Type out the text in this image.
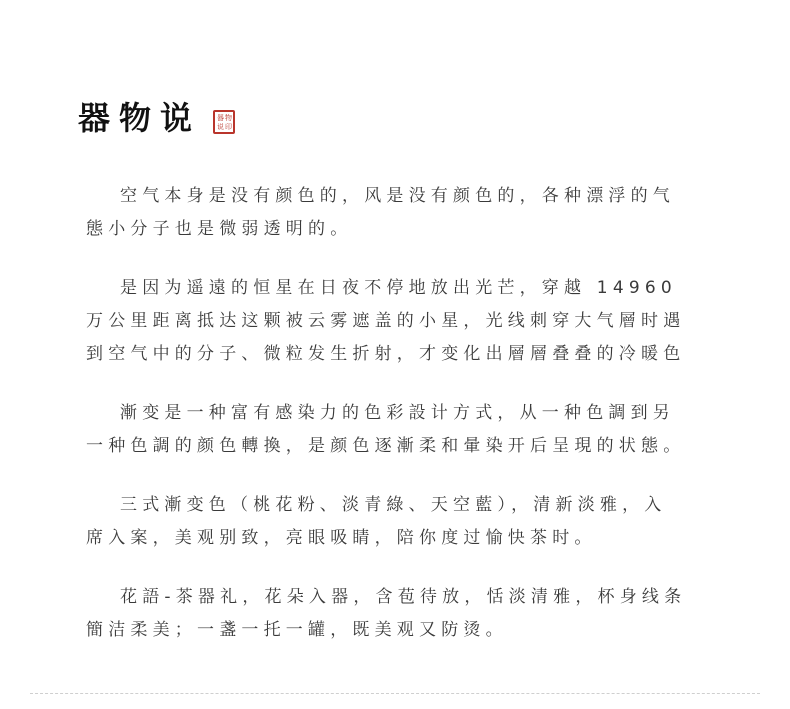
器物说 器 物
说 印

空气本身是没有颜色的，风是没有颜色的，各种漂浮的气
態小分子也是微弱透明的。

是因为遥遠的恒星在日夜不停地放出光芒，穿越 14960
万公里距离抵达这颗被云雾遮盖的小星，光线刺穿大气層时遇
到空气中的分子、微粒发生折射，才变化出層層叠叠的冷暖色

漸变是一种富有感染力的色彩設计方式，从一种色調到另
一种色調的颜色轉換，是颜色逐漸柔和暈染开后呈現的状態。

三式漸变色（桃花粉、淡青綠、天空藍），清新淡雅，入
席入案，美观别致，亮眼吸睛，陪你度过愉快茶时。

花語-茶器礼，花朵入器，含苞待放，恬淡清雅，杯身线条
簡洁柔美；一盞一托一罐，既美观又防烫。
